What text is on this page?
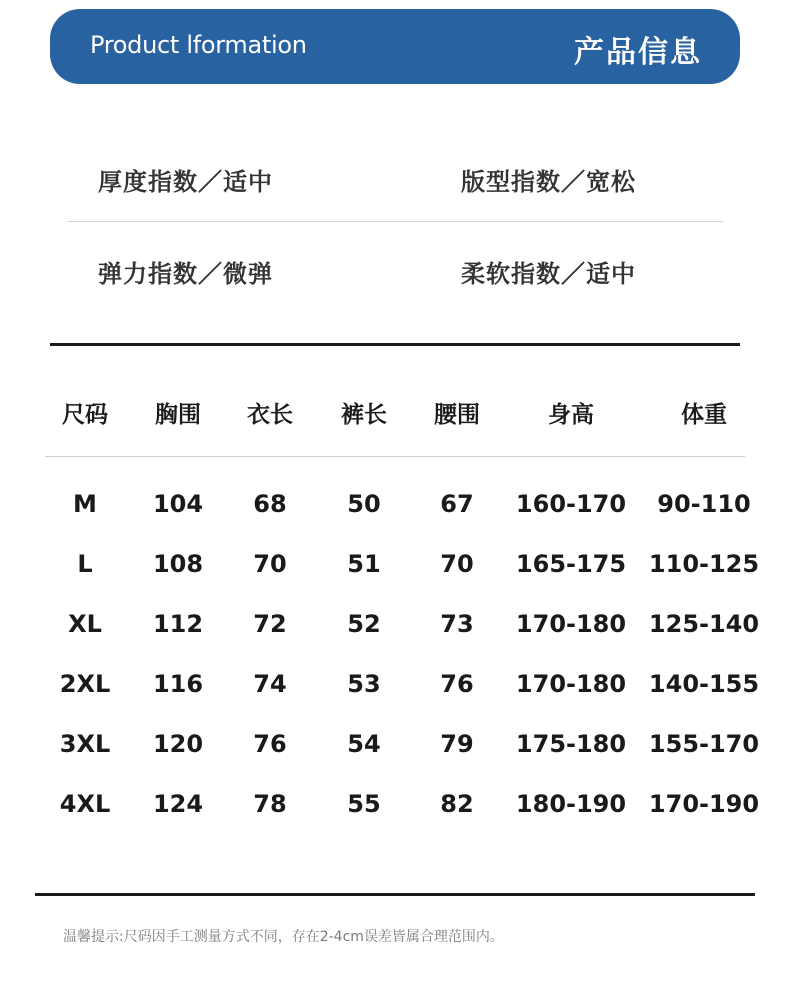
Product lformation	产品信息
厚度指数／适中	版型指数／宽松
弹力指数／微弹	柔软指数／适中
尺码 胸围 衣长 裤长 腰围	身高	体重
M 104 68	50 67 160-170 90-110
L	108 70	51 70 165-175 110-125
XL 112 72	52 73 170-180 125-140
2XL 116 74	53 76 170-180 140-155
3XL 120 76	54 79 175-180 155-170
4XL 124 78	55 82 180-190 170-190
温馨提示:尺码因手工测量方式不同，存在2-4cm误差皆属合理范围内。
